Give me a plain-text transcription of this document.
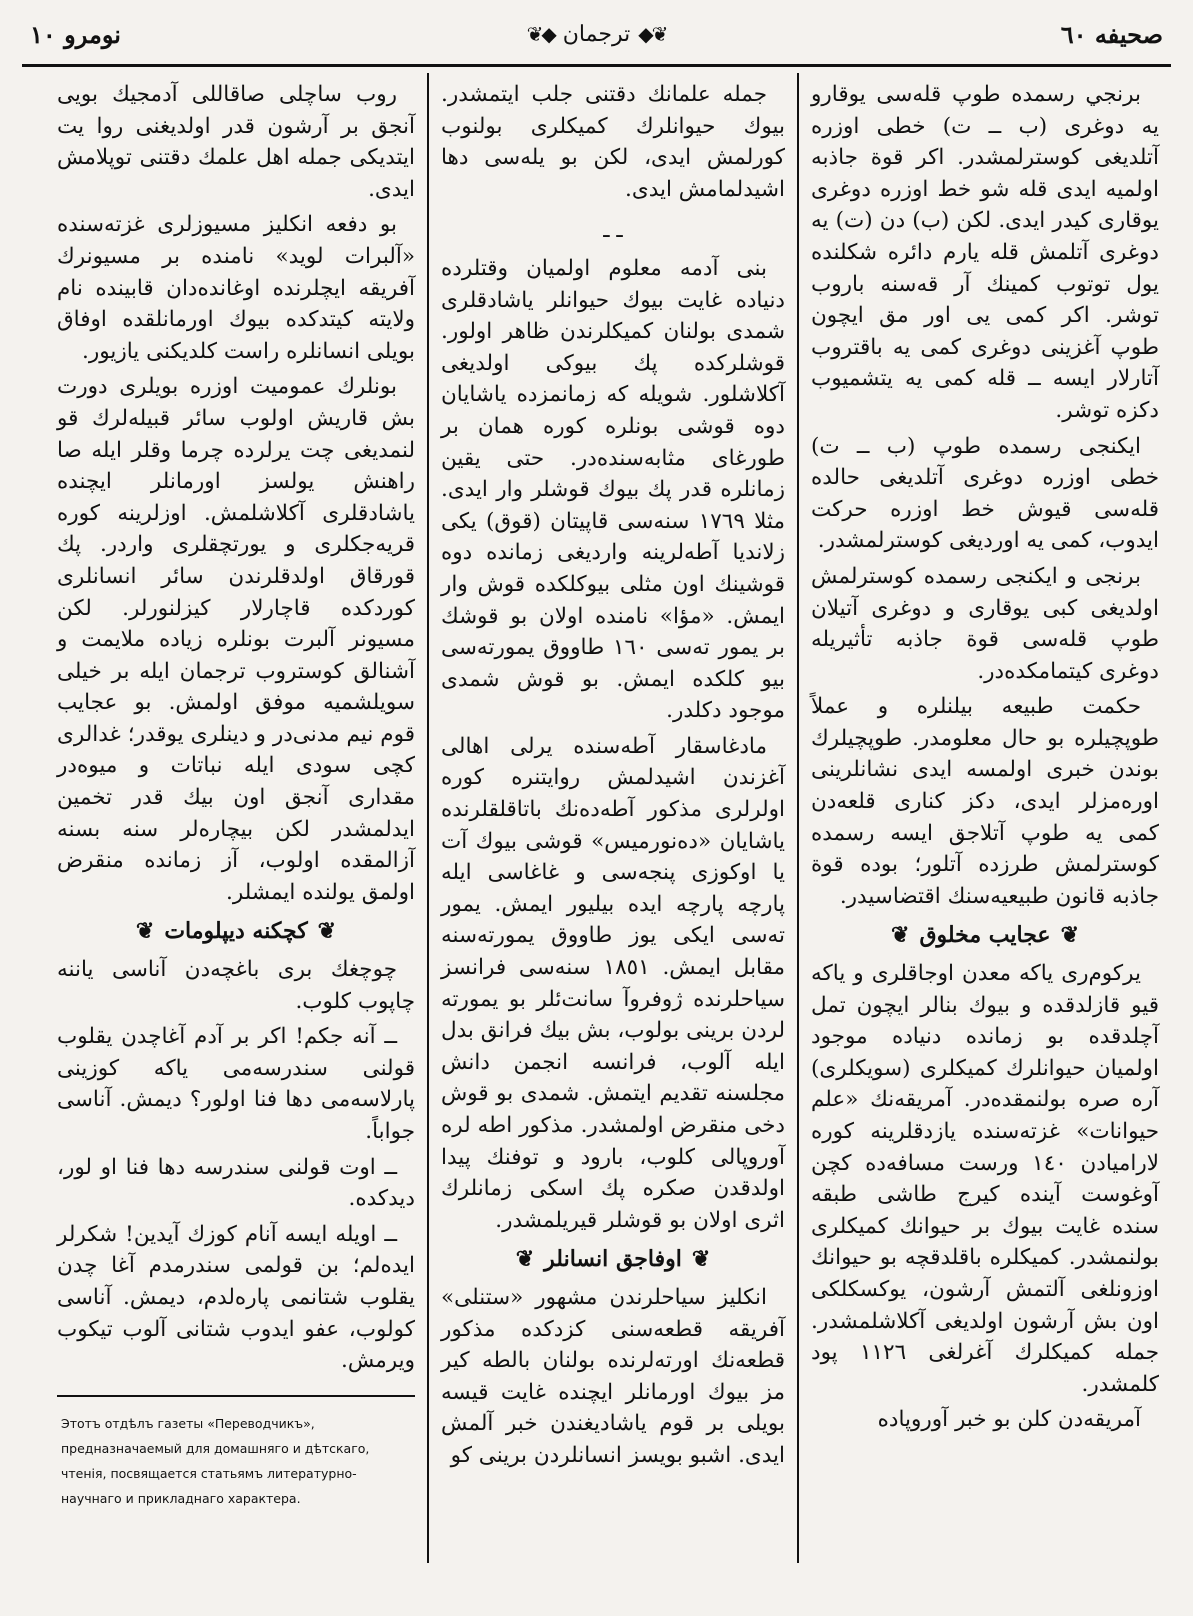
صحيفه ٦٠
❦◆ ترجمان ◆❦
نومرو ١٠

برنجي رسمده طوپ قله‌سی يوقارو يه دوغری (ب ــ ت) خطی اوزره آتلديغی كوسترلمشدر. اكر قوة جاذبه اولميه ايدی قله شو خط اوزره دوغری يوقاری كيدر ايدی. لكن (ب) دن (ت) يه دوغری آتلمش قله يارم دائره شكلنده يول توتوب كمينك آر قه‌سنه باروب توشر. اكر كمی يی اور مق ايچون طوپ آغزينی دوغری كمی يه باقتروب آتارلار ايسه ــ قله كمی يه يتشميوب دكزه توشر.

ايكنجی رسمده طوپ (ب ــ ت) خطی اوزره دوغری آتلديغی حالده قله‌سی قيوش خط اوزره حركت ايدوب، كمی يه اورديغی كوسترلمشدر.

برنجی و ايكنجی رسمده كوسترلمش اولديغی كبی يوقاری و دوغری آتيلان طوپ قله‌سی قوة جاذبه تأثيريله دوغری كيتمامكده‌در.

حكمت طبيعه بيلنلره و عملاً طوپچيلره بو حال معلومدر. طوپچيلرك بوندن خبری اولمسه ايدی نشانلرينی اوره‌مزلر ايدی، دكز كناری قلعه‌دن كمی يه طوپ آتلاجق ايسه رسمده كوسترلمش طرزده آتلور؛ بوده قوة جاذبه قانون طبيعيه‌سنك اقتضاسيدر.

❦
عجايب مخلوق
❦

يركوم‌ری ياكه معدن اوجاقلری و ياكه قيو قازلدقده و بيوك بنالر ايچون تمل آچلدقده بو زمانده دنياده موجود اولميان حيوانلرك كميكلری (سويكلری) آره صره بولنمقده‌در. آمريقه‌نك «علم حيوانات» غزته‌سنده يازدقلرينه كوره لاراميادن ١٤٠ ورست مسافه‌ده كچن آوغوست آينده كيرج طاشی طبقه سنده غايت بيوك بر حيوانك كميكلری بولنمشدر. كميكلره باقلدقچه بو حيوانك اوزونلغی آلتمش آرشون، يوكسكلكی اون بش آرشون اولديغی آكلاشلمشدر. جمله كميكلرك آغرلغی ١١٢٦ پود كلمشدر.

آمريقه‌دن كلن بو خبر آوروپاده

جمله علمانك دقتنی جلب ايتمشدر. بيوك حيوانلرك كميكلری بولنوب كورلمش ايدی، لكن بو يله‌سی دها اشيدلمامش ايدی.

ـ ـ

بنی آدمه معلوم اولميان وقتلرده دنياده غايت بيوك حيوانلر ياشادقلری شمدی بولنان كميكلرندن ظاهر اولور. قوشلركده پك بيوكی اولديغی آكلاشلور. شويله كه زمانمزده ياشايان دوه قوشی بونلره كوره همان بر طورغای مثابه‌سنده‌در. حتی يقين زمانلره قدر پك بيوك قوشلر وار ايدی. مثلا ١٧٦٩ سنه‌سی قاپيتان (قوق) يكی زلانديا آطه‌لرينه وارديغی زمانده دوه قوشينك اون مثلی بيوكلكده قوش وار ايمش. «مؤا» نامنده اولان بو قوشك بر يمور ته‌سی ١٦٠ طاووق يمورته‌سی بيو كلكده ايمش. بو قوش شمدی موجود دكلدر.

مادغاسقار آطه‌سنده يرلی اهالی آغزندن اشيدلمش روايتنره كوره اولرلری مذكور آطه‌ده‌نك باتاقلقلرنده ياشايان «ده‌نورميس» قوشی بيوك آت يا اوكوزی پنجه‌سی و غاغاسی ايله پارچه پارچه ايده بيليور ايمش. يمور ته‌سی ايكی يوز طاووق يمورته‌سنه مقابل ايمش. ١٨٥١ سنه‌سی فرانسز سياحلرنده ژوفروآ سانت‌ئلر بو يمورته لردن برينی بولوب، بش بيك فرانق بدل ايله آلوب، فرانسه انجمن دانش مجلسنه تقديم ايتمش. شمدی بو قوش دخی منقرض اولمشدر. مذكور اطه لره آوروپالی كلوب، بارود و توفنك پيدا اولدقدن صكره پك اسكی زمانلرك اثری اولان بو قوشلر قيريلمشدر.

❦
اوفاجق انسانلر
❦

انكليز سياحلرندن مشهور «ستنلی» آفريقه قطعه‌سنی كزدكده مذكور قطعه‌نك اورته‌لرنده بولنان بالطه كير مز بيوك اورمانلر ايچنده غايت قيسه بويلی بر قوم ياشاديغندن خبر آلمش ايدی. اشبو بويسز انسانلردن برينی كو

روب ساچلی صاقاللی آدمجيك بويی آنجق بر آرشون قدر اولديغنی روا يت ايتديكی جمله اهل علمك دقتنی توپلامش ايدی.

بو دفعه انكليز مسيوزلری غزته‌سنده «آلبرات لويد» نامنده بر مسيونرك آفريقه ايچلرنده اوغانده‌دان قابينده نام ولايته كيتدكده بيوك اورمانلقده اوفاق بويلی انسانلره راست كلديكنی يازيور.

بونلرك عموميت اوزره بويلری دورت بش قاريش اولوب سائر قبيله‌لرك قو لنمديغی چت يرلرده چرما وقلر ايله صا راهنش يولسز اورمانلر ايچنده ياشادقلری آكلاشلمش. اوزلرينه كوره قريه‌جكلری و يورتچقلری واردر. پك قورقاق اولدقلرندن سائر انسانلری كوردكده قاچارلار كيزلنورلر. لكن مسيونر آلبرت بونلره زياده ملايمت و آشنالق كوستروب ترجمان ايله بر خيلی سويلشميه موفق اولمش. بو عجايب قوم نيم مدنی‌در و دينلری يوقدر؛ غدالری كچی سودی ايله نباتات و ميوه‌در مقداری آنجق اون بيك قدر تخمين ايدلمشدر لكن بيچاره‌لر سنه بسنه آزالمقده اولوب، آز زمانده منقرض اولمق يولنده ايمشلر.

❦
كچكنه ديپلومات
❦

چوچغك بری باغچه‌دن آناسی ياننه چاپوب كلوب.

ــ آنه جكم! اكر بر آدم آغاچدن يقلوب قولنی سندرسه‌می ياكه كوزينی پارلاسه‌می دها فنا اولور؟ ديمش. آناسی جواباً.

ــ اوت قولنی سندرسه دها فنا او لور، ديدكده.

ــ اويله ايسه آنام كوزك آيدين! شكرلر ايدەلم؛ بن قولمی سندرمدم آغا چدن يقلوب شتانمی پاره‌لدم، ديمش. آناسی كولوب، عفو ايدوب شتانی آلوب تيكوب ويرمش.

Этотъ отдѣлъ газеты «Переводчикъ», предназначаемый для домашняго и дѣтскаго, чтенія, посвящается статьямъ литературно-научнаго и прикладнаго характера.
